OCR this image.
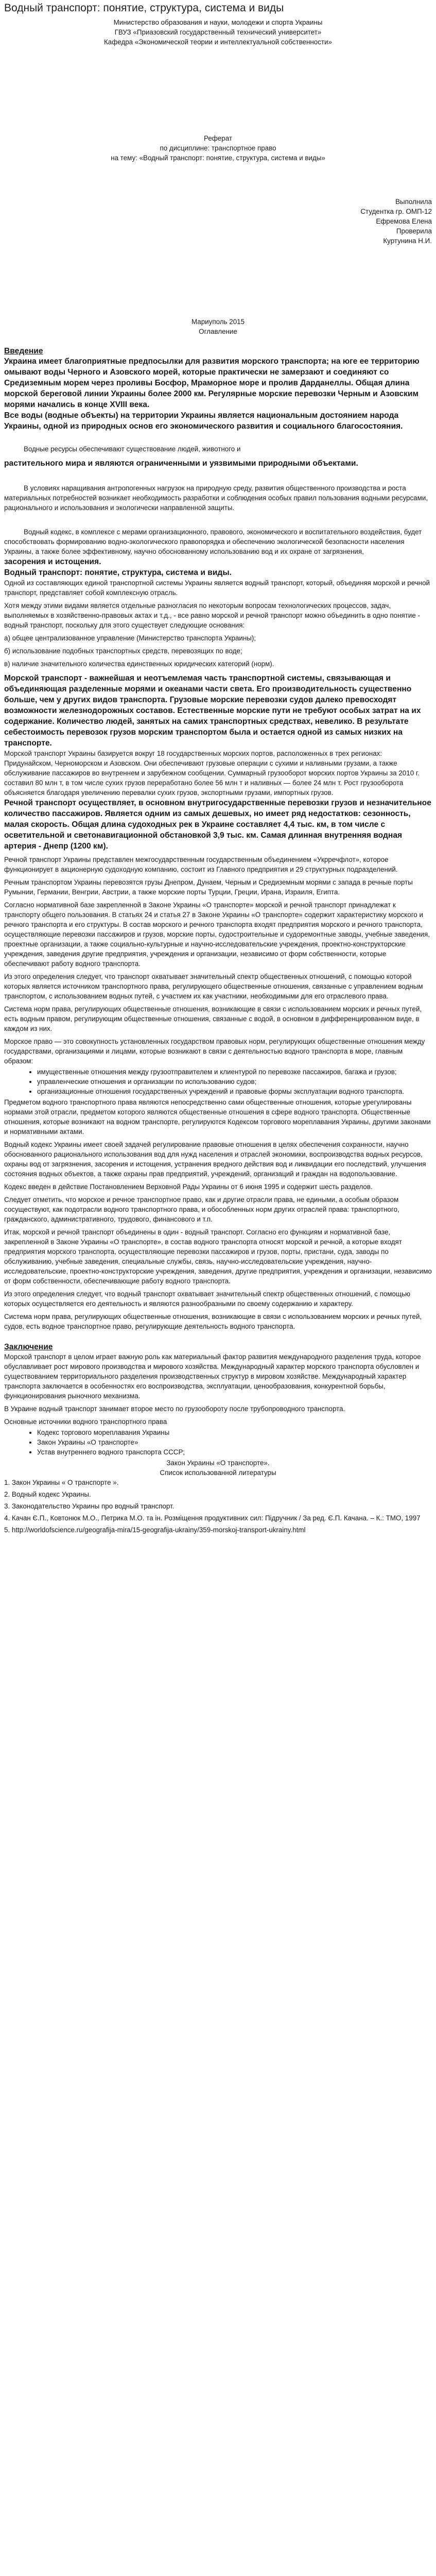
Водный транспорт: понятие, структура, система и виды

Министерство образования и науки, молодежи и спорта Украины

ГВУЗ «Приазовский государственный технический университет»

Кафедра «Экономической теории и интеллектуальной собственности»

Реферат

по дисциплине: транспортное право

на тему: «Водный транспорт: понятие, структура, система и виды»

Выполнила

Студентка гр. ОМП-12

Ефремова Елена

Проверила

Куртунина Н.И.

Мариуполь 2015

Оглавление

Введение

Украина имеет благоприятные предпосылки для развития морского транспорта; на юге ее территорию омывают воды Черного и Азовского морей, которые практически не замерзают и соединяют со Средиземным морем через проливы Босфор, Мраморное море и пролив Дарданеллы. Общая длина морской береговой линии Украины более 2000 км. Регулярные морские перевозки Черным и Азовским морями начались в конце XVIII века.

Все воды (водные объекты) на территории Украины является национальным достоянием народа Украины, одной из природных основ его экономического развития и социального благосостояния.

Водные ресурсы обеспечивают существование людей, животного и

растительного мира и являются ограниченными и уязвимыми природными объектами.

В условиях наращивания антропогенных нагрузок на природную среду, развития общественного производства и роста материальных потребностей возникает необходимость разработки и соблюдения особых правил пользования водными ресурсами, рационального и использования и экологически направленной защиты.

Водный кодекс, в комплексе с мерами организационного, правового, экономического и воспитательного воздействия, будет способствовать формированию водно-экологического правопорядка и обеспечению экологической безопасности населения Украины, а также более эффективному, научно обоснованному использованию вод и их охране от загрязнения,

засорения и истощения.

Водный транспорт: понятие, структура, система и виды.

Одной из составляющих единой транспортной системы Украины является водный транспорт, который, объединяя морской и речной транспорт, представляет собой комплексную отрасль.

Хотя между этими видами является отдельные разногласия по некоторым вопросам технологических процессов, задач, выполняемых в хозяйственно-правовых актах и т.д., - все равно морской и речной транспорт можно объединить в одно понятие - водный транспорт, поскольку для этого существует следующие основания:

а) общее централизованное управление (Министерство транспорта Украины);

б) использование подобных транспортных средств, перевозящих по воде;

в) наличие значительного количества единственных юридических категорий (норм).

Морской транспорт - важнейшая и неотъемлемая часть транспортной системы, связывающая и объединяющая разделенные морями и океанами части света. Его производительность существенно больше, чем у других видов транспорта. Грузовые морские перевозки судов далеко превосходят возможности железнодорожных составов. Естественные морские пути не требуют особых затрат на их содержание. Количество людей, занятых на самих транспортных средствах, невелико. В результате себестоимость перевозок грузов морским транспортом была и остается одной из самых низких на транспорте.

Морской транспорт Украины базируется вокруг 18 государственных морских портов, расположенных в трех регионах: Придунайском, Черноморском и Азовском. Они обеспечивают грузовые операции с сухими и наливными грузами, а также обслуживание пассажиров во внутреннем и зарубежном сообщении. Суммарный грузооборот морских портов Украины за 2010 г. составил 80 млн т, в том числе сухих грузов переработано более 56 млн т и наливных — более 24 млн т. Рост грузооборота объясняется благодаря увеличению перевалки сухих грузов, экспортными грузами, импортных грузов.

Речной транспорт осуществляет, в основном внутригосударственные перевозки грузов и незначительное количество пассажиров. Является одним из самых дешевых, но имеет ряд недостатков: сезонность, малая скорость. Общая длина судоходных рек в Украине составляет 4,4 тыс. км, в том числе с осветительной и светонавигационной обстановкой 3,9 тыс. км. Самая длинная внутренняя водная артерия - Днепр (1200 км).

Речной транспорт Украины представлен межгосударственным государственным объединением «Укрречфлот», которое функционирует в акционерную судоходную компанию, состоит из Главного предприятия и 29 структурных подразделений.

Речным транспортом Украины перевозятся грузы Днепром, Дунаем, Черным и Средиземным морями с запада в речные порты Румынии, Германии, Венгрии, Австрии, а также морские порты Турции, Греции, Ирана, Израиля, Египта.

Согласно нормативной базе закрепленной в Законе Украины «О транспорте» морской и речной транспорт принадлежат к транспорту общего пользования. В статьях 24 и статья 27 в Законе Украины «О транспорте» содержит характеристику морского и речного транспорта и его структуры. В состав морского и речного транспорта входят предприятия морского и речного транспорта, осуществляющие перевозки пассажиров и грузов, морские порты, судостроительные и судоремонтные заводы, учебные заведения, проектные организации, а также социально-культурные и научно-исследовательские учреждения, проектно-конструкторские учреждения, заведения другие предприятия, учреждения и организации, независимо от форм собственности, которые обеспечивают работу водного транспорта.

Из этого определения следует, что транспорт охватывает значительный спектр общественных отношений, с помощью которой которых является источником транспортного права, регулирующего общественные отношения, связанные с управлением водным транспортом, с использованием водных путей, с участием их как участники, необходимыми для его отраслевого права.

Система норм права, регулирующих общественные отношения, возникающие в связи с использованием морских и речных путей, есть водным правом, регулирующим общественные отношения, связанные с водой, в основном в дифференцированном виде, в каждом из них.

Морское право — это совокупность установленных государством правовых норм, регулирующих общественные отношения между государствами, организациями и лицами, которые возникают в связи с деятельностью водного транспорта в море, главным образом:

• имущественные отношения между грузоотправителем и клиентурой по перевозке пассажиров, багажа и грузов;
• управленческие отношения и организации по использованию судов;
• организационные отношения государственных учреждений и правовые формы эксплуатации водного транспорта.

Предметом водного транспортного права являются непосредственно сами общественные отношения, которые урегулированы нормами этой отрасли, предметом которого являются общественные отношения в сфере водного транспорта. Общественные отношения, которые возникают на водном транспорте, регулируются Кодексом торгового мореплавания Украины, другими законами и нормативными актами.

Водный кодекс Украины имеет своей задачей регулирование правовые отношения в целях обеспечения сохранности, научно обоснованного рационального использования вод для нужд населения и отраслей экономики, воспроизводства водных ресурсов, охраны вод от загрязнения, засорения и истощения, устранения вредного действия вод и ликвидации его последствий, улучшения состояния водных объектов, а также охраны прав предприятий, учреждений, организаций и граждан на водопользование.

Кодекс введен в действие Постановлением Верховной Рады Украины от 6 июня 1995 и содержит шесть разделов.

Следует отметить, что морское и речное транспортное право, как и другие отрасли права, не едиными, а особым образом сосуществуют, как подотрасли водного транспортного права, и обособленных норм других отраслей права: транспортного, гражданского, административного, трудового, финансового и т.п.

Итак, морской и речной транспорт объединены в один - водный транспорт. Согласно его функциям и нормативной базе, закрепленной в Законе Украины «О транспорте», в состав водного транспорта относят морской и речной, а которые входят предприятия морского транспорта, осуществляющие перевозки пассажиров и грузов, порты, пристани, суда, заводы по обслуживанию, учебные заведения, специальные службы, связь, научно-исследовательские учреждения, научно-исследовательские, проектно-конструкторские учреждения, заведения, другие предприятия, учреждения и организации, независимо от форм собственности, обеспечивающие работу водного транспорта.

Из этого определения следует, что водный транспорт охватывает значительный спектр общественных отношений, с помощью которых осуществляется его деятельность и являются разнообразными по своему содержанию и характеру.

Система норм права, регулирующих общественные отношения, возникающие в связи с использованием морских и речных путей, судов, есть водное транспортное право, регулирующие деятельность водного транспорта.

Заключение

Морской транспорт в целом играет важную роль как материальный фактор развития международного разделения труда, которое обуславливает рост мирового производства и мирового хозяйства. Международный характер морского транспорта обусловлен и существованием территориального разделения производственных структур в мировом хозяйстве. Международный характер транспорта заключается в особенностях его воспроизводства, эксплуатации, ценообразования, конкурентной борьбы, функционирования рыночного механизма.

В Украине водный транспорт занимает второе место по грузообороту после трубопроводного транспорта.

Основные источники водного транспортного права

• Кодекс торгового мореплавания Украины
• Закон Украины «О транспорте»
• Устав внутреннего водного транспорта СССР;

Закон Украины «О транспорте».

Список использованной литературы

1. Закон Украины « О транспорте ».

2. Водный кодекс Украины.

3. Законодательство Украины про водный транспорт.

4. Качан Є.П., Ковтонюк М.О., Петрика М.О. та ін. Розміщення продуктивних сил: Підручник / За ред. Є.П. Качана. – К.: ТМО, 1997

5. http://worldofscience.ru/geografija-mira/15-geografija-ukrainy/359-morskoj-transport-ukrainy.html
